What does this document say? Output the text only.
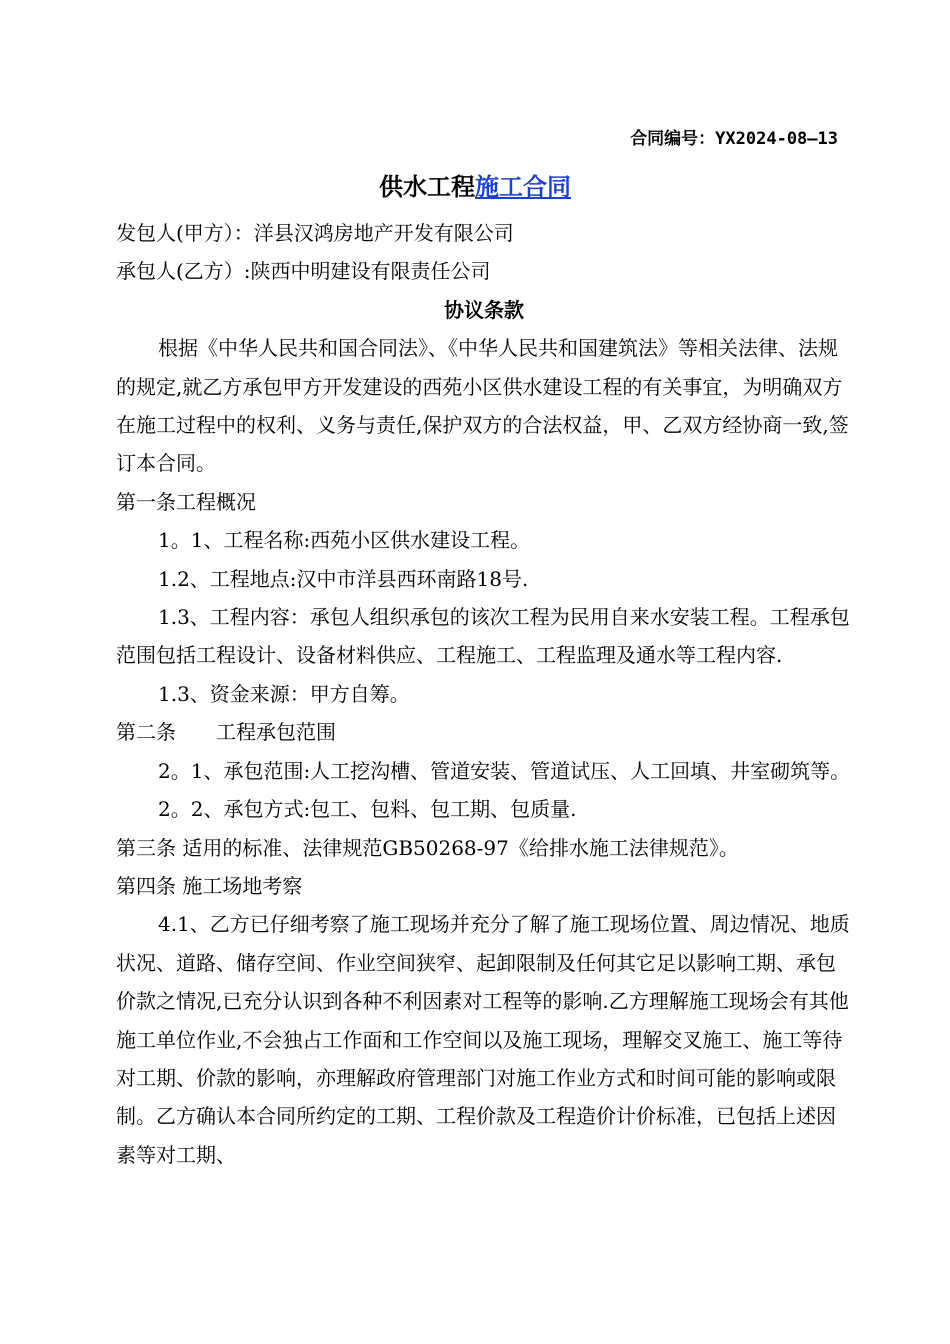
合同编号：YX2024-08—13
供水工程施工合同

发包人(甲方）：洋县汉鸿房地产开发有限公司

承包人(乙方）:陕西中明建设有限责任公司

协议条款

根据《中华人民共和国合同法》、《中华人民共和国建筑法》等相关法律、法规的规定,就乙方承包甲方开发建设的西苑小区供水建设工程的有关事宜，为明确双方在施工过程中的权利、义务与责任,保护双方的合法权益，甲、乙双方经协商一致,签订本合同。

第一条工程概况

1。1、工程名称:西苑小区供水建设工程。

1.2、工程地点:汉中市洋县西环南路18号.

1.3、工程内容：承包人组织承包的该次工程为民用自来水安装工程。工程承包范围包括工程设计、设备材料供应、工程施工、工程监理及通水等工程内容.

1.3、资金来源：甲方自筹。

第二条 工程承包范围

2。1、承包范围:人工挖沟槽、管道安装、管道试压、人工回填、井室砌筑等。

2。2、承包方式:包工、包料、包工期、包质量.

第三条 适用的标准、法律规范GB50268-97《给排水施工法律规范》。

第四条 施工场地考察

4.1、乙方已仔细考察了施工现场并充分了解了施工现场位置、周边情况、地质状况、道路、储存空间、作业空间狭窄、起卸限制及任何其它足以影响工期、承包价款之情况,已充分认识到各种不利因素对工程等的影响.乙方理解施工现场会有其他施工单位作业,不会独占工作面和工作空间以及施工现场，理解交叉施工、施工等待对工期、价款的影响，亦理解政府管理部门对施工作业方式和时间可能的影响或限制。乙方确认本合同所约定的工期、工程价款及工程造价计价标准，已包括上述因素等对工期、
